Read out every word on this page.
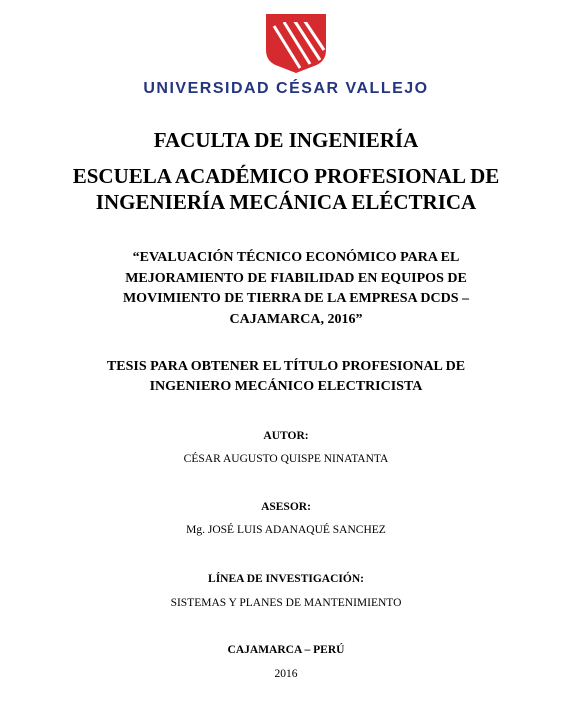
UNIVERSIDAD CÉSAR VALLEJO
FACULTA DE INGENIERÍA
ESCUELA ACADÉMICO PROFESIONAL DE
INGENIERÍA MECÁNICA ELÉCTRICA
“EVALUACIÓN TÉCNICO ECONÓMICO PARA EL
MEJORAMIENTO DE FIABILIDAD EN EQUIPOS DE
MOVIMIENTO DE TIERRA DE LA EMPRESA DCDS –
CAJAMARCA, 2016”
TESIS PARA OBTENER EL TÍTULO PROFESIONAL DE
INGENIERO MECÁNICO ELECTRICISTA
AUTOR:
CÉSAR AUGUSTO QUISPE NINATANTA
ASESOR:
Mg. JOSÉ LUIS ADANAQUÉ SANCHEZ
LÍNEA DE INVESTIGACIÓN:
SISTEMAS Y PLANES DE MANTENIMIENTO
CAJAMARCA – PERÚ
2016
